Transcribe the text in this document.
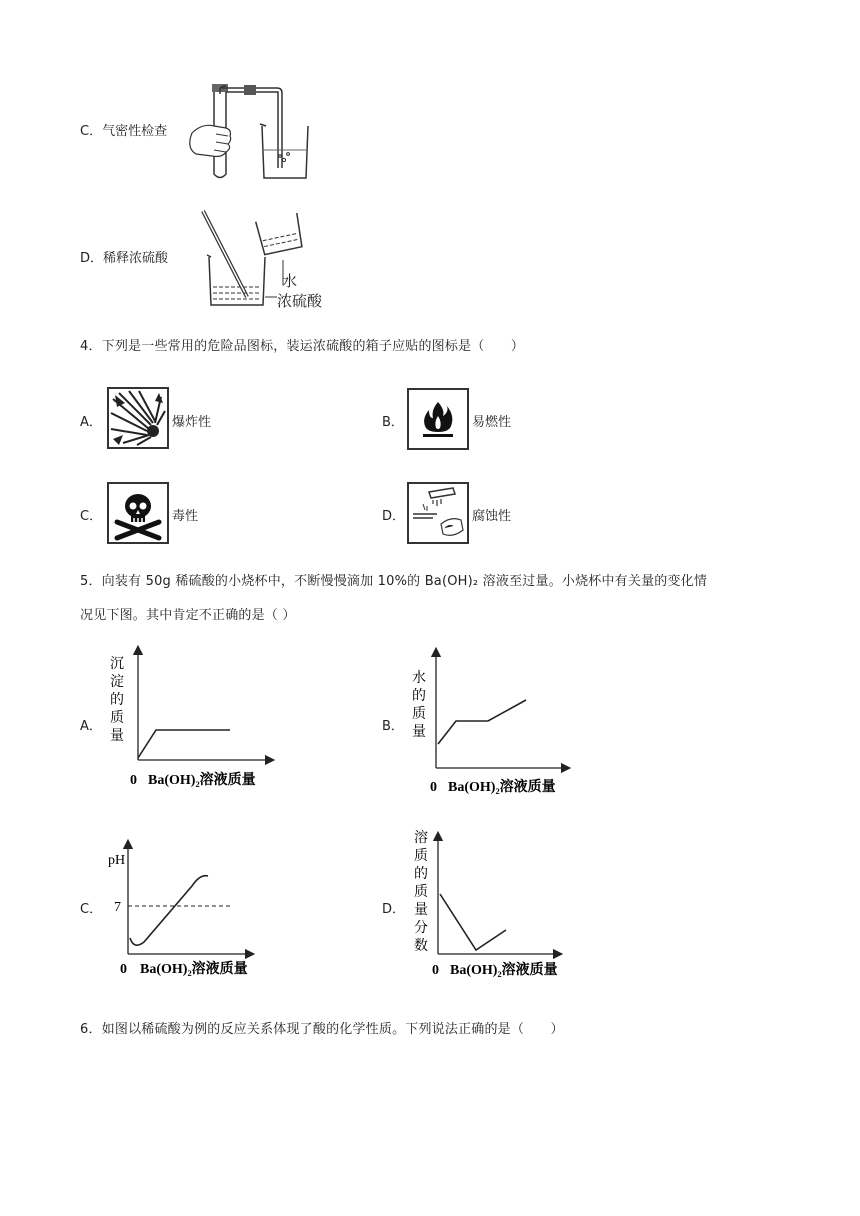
C．气密性检查
D．稀释浓硫酸
水
浓硫酸
4．下列是一些常用的危险品图标，装运浓硫酸的箱子应贴的图标是（　　）
A．	爆炸性	B．	易燃性
C．	毒性	D．	腐蚀性
5．向装有 50g 稀硫酸的小烧杯中，不断慢慢滴加 10%的 Ba(OH)₂ 溶液至过量。小烧杯中有关量的变化情
况见下图。其中肯定不正确的是（ ）
A．
沉
淀
的
质
量
0 Ba(OH)₂溶液质量
B．
水
的
质
量
0 Ba(OH)₂溶液质量
C．
pH
7
0 Ba(OH)₂溶液质量
D．
溶
质
的
质
量
分
数
0 Ba(OH)₂溶液质量
6．如图以稀硫酸为例的反应关系体现了酸的化学性质。下列说法正确的是（　　）
